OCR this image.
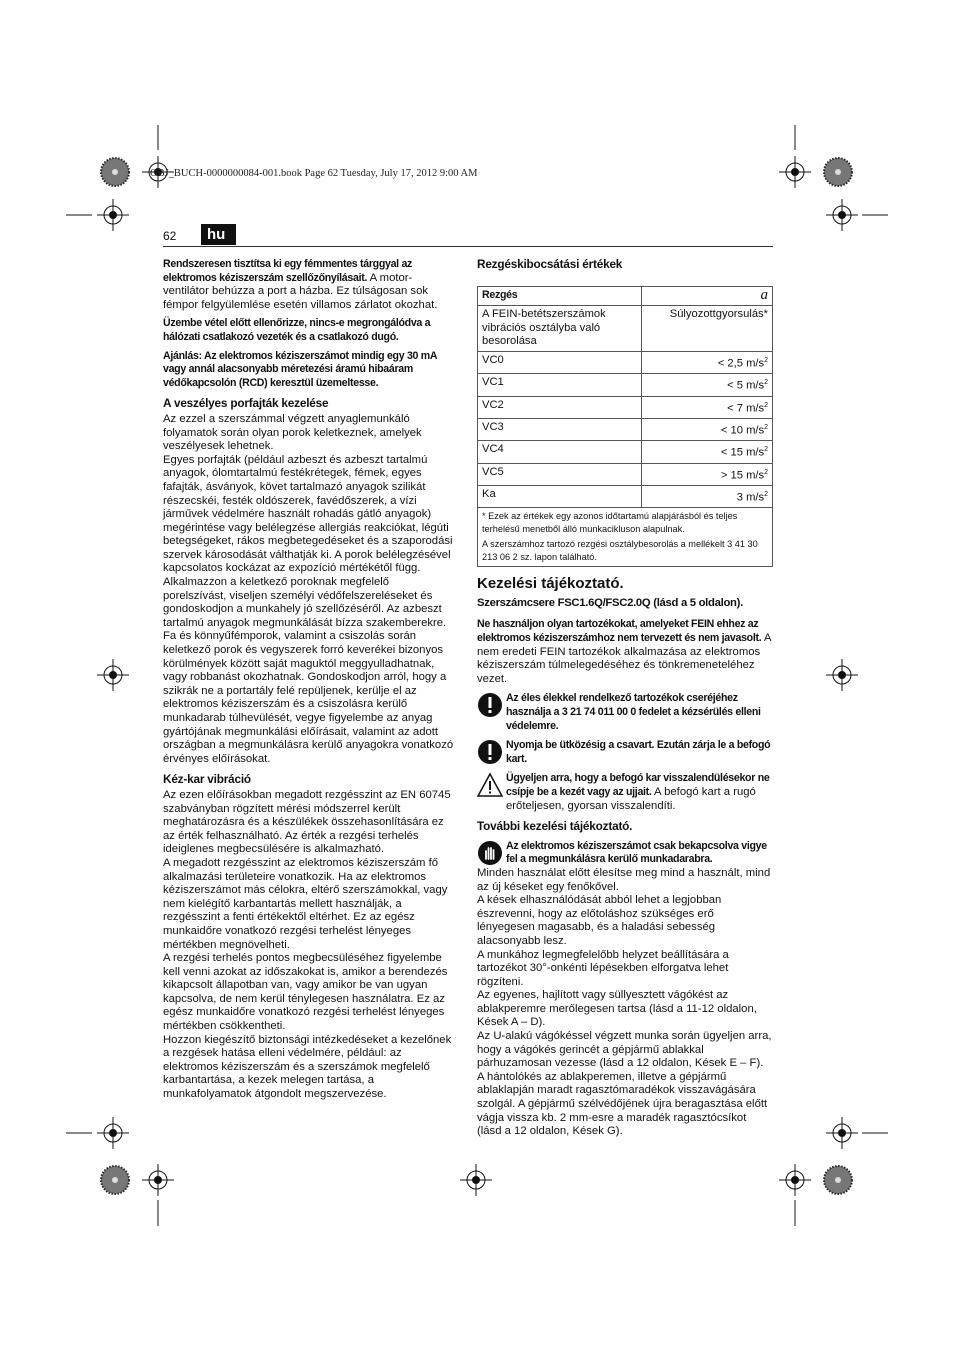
OBJ_BUCH-0000000084-001.book Page 62 Tuesday, July 17, 2012 9:00 AM
62	hu

Rendszeresen tisztítsa ki egy fémmentes tárggyal az elektromos kéziszerszám szellőzőnyílásait. A motor-ventilátor behúzza a port a házba. Ez túlságosan sok fémpor felgyülemlése esetén villamos zárlatot okozhat.

Üzembe vétel előtt ellenőrizze, nincs-e megrongálódva a hálózati csatlakozó vezeték és a csatlakozó dugó.

Ajánlás: Az elektromos kéziszerszámot mindig egy 30 mA vagy annál alacsonyabb méretezési áramú hibaáram védőkapcsolón (RCD) keresztül üzemeltesse.

A veszélyes porfajták kezelése

Az ezzel a szerszámmal végzett anyaglemunkáló folyamatok során olyan porok keletkeznek, amelyek veszélyesek lehetnek.

Egyes porfajták (például azbeszt és azbeszt tartalmú anyagok, ólomtartalmú festékrétegek, fémek, egyes fafajták, ásványok, követ tartalmazó anyagok szilikát részecskéi, festék oldószerek, favédőszerek, a vízi járművek védelmére használt rohadás gátló anyagok) megérintése vagy belélegzése allergiás reakciókat, légúti betegségeket, rákos megbetegedéseket és a szaporodási szervek károsodását válthatják ki. A porok belélegzésével kapcsolatos kockázat az expozíció mértékétől függ. Alkalmazzon a keletkező poroknak megfelelő porelszívást, viseljen személyi védőfelszereléseket és gondoskodjon a munkahely jó szellőzéséről. Az azbeszt tartalmú anyagok megmunkálását bízza szakemberekre. Fa és könnyűfémporok, valamint a csiszolás során keletkező porok és vegyszerek forró keverékei bizonyos körülmények között saját maguktól meggyulladhatnak, vagy robbanást okozhatnak. Gondoskodjon arról, hogy a szikrák ne a portartály felé repüljenek, kerülje el az elektromos kéziszerszám és a csiszolásra kerülő munkadarab túlhevülését, vegye figyelembe az anyag gyártójának megmunkálási előírásait, valamint az adott országban a megmunkálásra kerülő anyagokra vonatkozó érvényes előírásokat.

Kéz-kar vibráció

Az ezen előírásokban megadott rezgésszint az EN 60745 szabványban rögzített mérési módszerrel került meghatározásra és a készülékek összehasonlítására ez az érték felhasználható. Az érték a rezgési terhelés ideiglenes megbecsülésére is alkalmazható.

A megadott rezgésszint az elektromos kéziszerszám fő alkalmazási területeire vonatkozik. Ha az elektromos kéziszerszámot más célokra, eltérő szerszámokkal, vagy nem kielégítő karbantartás mellett használják, a rezgésszint a fenti értékektől eltérhet. Ez az egész munkaidőre vonatkozó rezgési terhelést lényeges mértékben megnövelheti.

A rezgési terhelés pontos megbecsüléséhez figyelembe kell venni azokat az időszakokat is, amikor a berendezés kikapcsolt állapotban van, vagy amikor be van ugyan kapcsolva, de nem kerül ténylegesen használatra. Ez az egész munkaidőre vonatkozó rezgési terhelést lényeges mértékben csökkentheti.

Hozzon kiegészítő biztonsági intézkedéseket a kezelőnek a rezgések hatása elleni védelmére, például: az elektromos kéziszerszám és a szerszámok megfelelő karbantartása, a kezek melegen tartása, a munkafolyamatok átgondolt megszervezése.

Rezgéskibocsátási értékek
Rezgés	a
A FEIN-betétszerszámok vibrációs osztályba való besorolása	Súlyozottgyorsulás*
VC0	< 2,5 $m/s^2$
VC1	< 5 $m/s^2$
VC2	< 7 $m/s^2$
VC3	< 10 $m/s^2$
VC4	< 15 $m/s^2$
VC5	> 15 $m/s^2$
Ka	3 $m/s^2$

* Ezek az értékek egy azonos időtartamú alapjárásból és teljes terhelésű menetből álló munkacikluson alapulnak.
A szerszámhoz tartozó rezgési osztálybesorolás a mellékelt 3 41 30 213 06 2 sz. lapon található.	
Kezelési tájékoztató.

Szerszámcsere FSC1.6Q/FSC2.0Q (lásd a 5 oldalon).

Ne használjon olyan tartozékokat, amelyeket FEIN ehhez az elektromos kéziszerszámhoz nem tervezett és nem javasolt. A nem eredeti FEIN tartozékok alkalmazása az elektromos kéziszerszám túlmelegedéséhez és tönkremeneteléhez vezet.

Az éles élekkel rendelkező tartozékok cseréjéhez használja a 3 21 74 011 00 0 fedelet a kézsérülés elleni védelemre.
Nyomja be ütközésig a csavart. Ezután zárja le a befogó kart.
Ügyeljen arra, hogy a befogó kar visszalendülésekor ne csípje be a kezét vagy az ujjait. A befogó kart a rugó erőteljesen, gyorsan visszalendíti.
További kezelési tájékoztató.
Az elektromos kéziszerszámot csak bekapcsolva vigye fel a megmunkálásra kerülő munkadarabra.

Minden használat előtt élesítse meg mind a használt, mind az új késeket egy fenőkővel.

A kések elhasználódását abból lehet a legjobban észrevenni, hogy az előtoláshoz szükséges erő lényegesen magasabb, és a haladási sebesség alacsonyabb lesz.

A munkához legmegfelelőbb helyzet beállítására a tartozékot 30°-onkénti lépésekben elforgatva lehet rögzíteni.

Az egyenes, hajlított vagy süllyesztett vágókést az ablakperemre merőlegesen tartsa (lásd a 11-12 oldalon, Kések A – D).

Az U-alakú vágókéssel végzett munka során ügyeljen arra, hogy a vágókés gerincét a gépjármű ablakkal párhuzamosan vezesse (lásd a 12 oldalon, Kések E – F).

A hántolókés az ablakperemen, illetve a gépjármű ablaklapján maradt ragasztómaradékok visszavágására szolgál. A gépjármű szélvédőjének újra beragasztása előtt vágja vissza kb. 2 mm-esre a maradék ragasztócsíkot (lásd a 12 oldalon, Kések G).
